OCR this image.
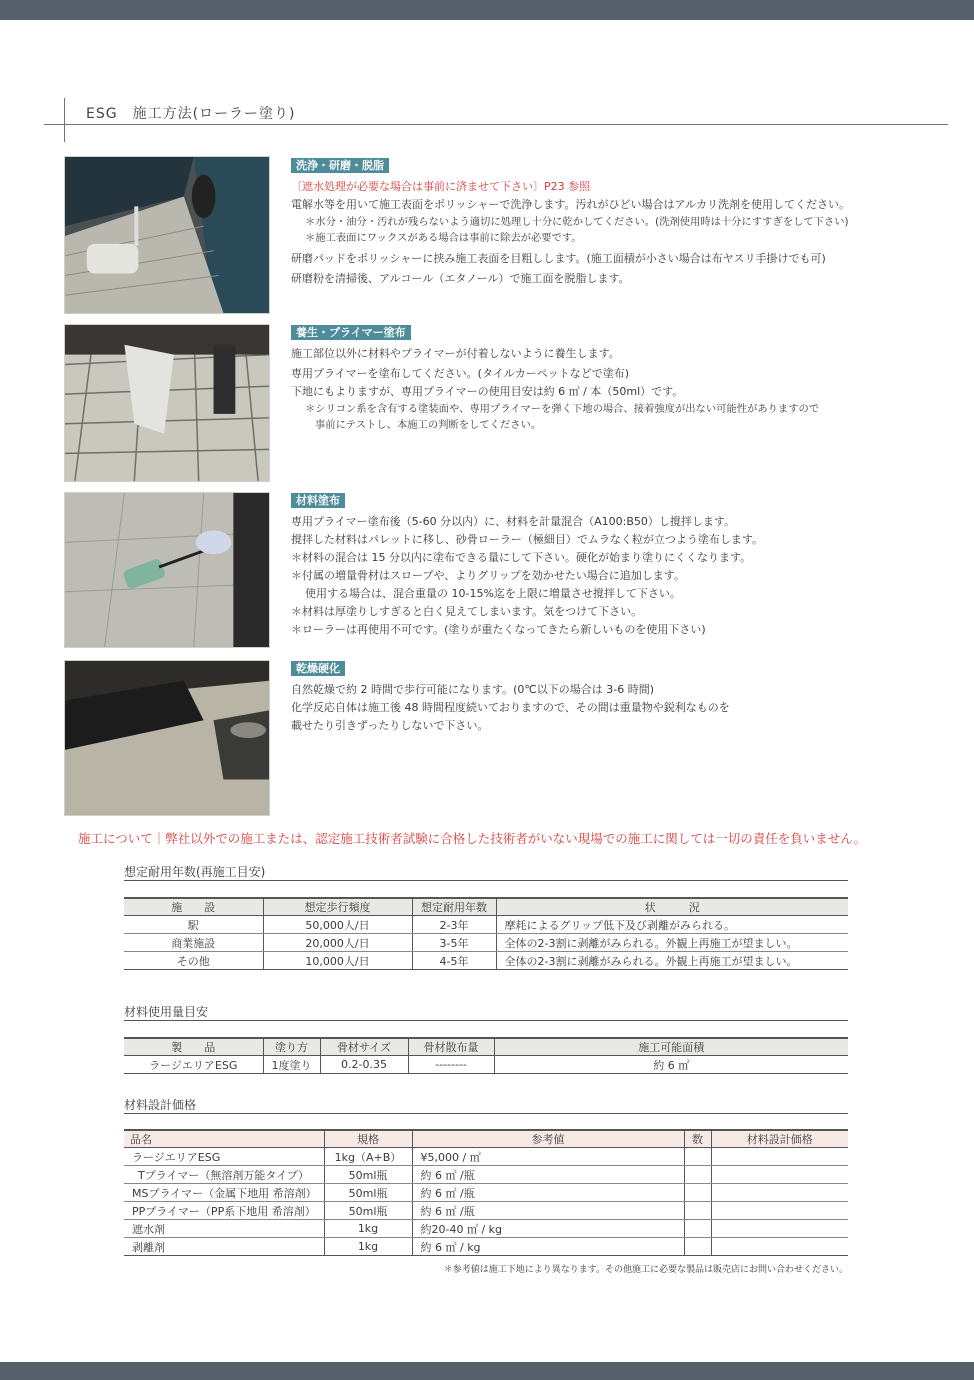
ESG　施工方法(ローラー塗り)
洗浄・研磨・脱脂
〔遮水処理が必要な場合は事前に済ませて下さい〕P23 参照
電解水等を用いて施工表面をポリッシャーで洗浄します。汚れがひどい場合はアルカリ洗剤を使用してください。
＊水分・油分・汚れが残らないよう適切に処理し十分に乾かしてください。(洗剤使用時は十分にすすぎをして下さい)
＊施工表面にワックスがある場合は事前に除去が必要です。
研磨パッドをポリッシャーに挟み施工表面を目粗しします。(施工面積が小さい場合は布ヤスリ手掛けでも可)
研磨粉を清掃後、アルコール（エタノール）で施工面を脱脂します。
養生・プライマー塗布
施工部位以外に材料やプライマーが付着しないように養生します。
専用プライマーを塗布してください。(タイルカーペットなどで塗布)
下地にもよりますが、専用プライマーの使用目安は約 6 ㎡ / 本（50ml）です。
＊シリコン系を含有する塗装面や、専用プライマーを弾く下地の場合、接着強度が出ない可能性がありますので
事前にテストし、本施工の判断をしてください。
材料塗布
専用プライマー塗布後（5-60 分以内）に、材料を計量混合（A100:B50）し撹拌します。
撹拌した材料はパレットに移し、砂骨ローラー（極細目）でムラなく粒が立つよう塗布します。
＊材料の混合は 15 分以内に塗布できる量にして下さい。硬化が始まり塗りにくくなります。
＊付属の増量骨材はスロープや、よりグリップを効かせたい場合に追加します。
使用する場合は、混合重量の 10-15%迄を上限に増量させ撹拌して下さい。
＊材料は厚塗りしすぎると白く見えてしまいます。気をつけて下さい。
＊ローラーは再使用不可です。(塗りが重たくなってきたら新しいものを使用下さい)
乾燥硬化
自然乾燥で約 2 時間で歩行可能になります。(0℃以下の場合は 3-6 時間)
化学反応自体は施工後 48 時間程度続いておりますので、その間は重量物や鋭利なものを
載せたり引きずったりしないで下さい。
施工について｜弊社以外での施工または、認定施工技術者試験に合格した技術者がいない現場での施工に関しては一切の責任を負いません。
想定耐用年数(再施工目安)
施　　設	想定歩行頻度	想定耐用年数	状　　　況
駅	50,000人/日	2-3年	摩耗によるグリップ低下及び剥離がみられる。
商業施設	20,000人/日	3-5年	全体の2-3割に剥離がみられる。外観上再施工が望ましい。
その他	10,000人/日	4-5年	全体の2-3割に剥離がみられる。外観上再施工が望ましい。
材料使用量目安
製　　品	塗り方	骨材サイズ	骨材散布量	施工可能面積
ラージエリアESG	1度塗り	0.2-0.35	--------	約 6 ㎡
材料設計価格
品名	規格	参考値	数	材料設計価格
ラージエリアESG	1kg（A+B）	¥5,000 / ㎡		
Tプライマー（無溶剤万能タイプ）	50ml瓶	約 6 ㎡ /瓶		
MSプライマー（金属下地用 希溶剤）	50ml瓶	約 6 ㎡ /瓶		
PPプライマー（PP系下地用 希溶剤）	50ml瓶	約 6 ㎡ /瓶		
遮水剤	1kg	約20-40 ㎡ / kg		
剥離剤	1kg	約 6 ㎡ / kg		
＊参考値は施工下地により異なります。その他施工に必要な製品は販売店にお問い合わせください。
